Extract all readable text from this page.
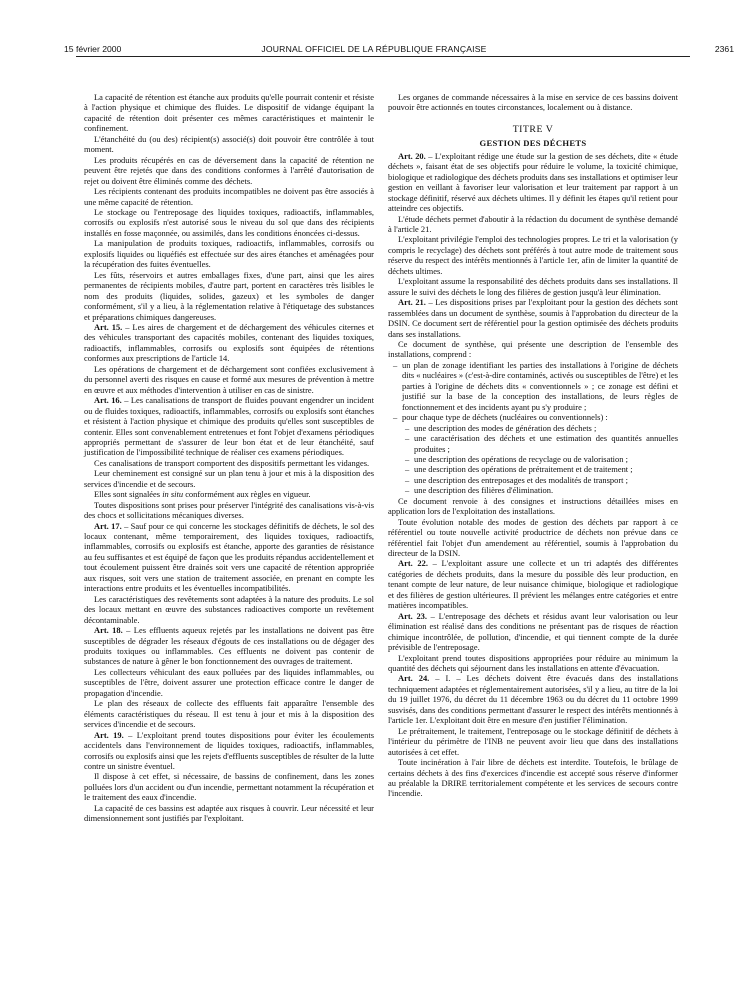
15 février 2000	JOURNAL OFFICIEL DE LA RÉPUBLIQUE FRANÇAISE	2361

La capacité de rétention est étanche aux produits qu'elle pourrait contenir et résiste à l'action physique et chimique des fluides. Le dispositif de vidange équipant la capacité de rétention doit présenter ces mêmes caractéristiques et maintenir le confinement.

L'étanchéité du (ou des) récipient(s) associé(s) doit pouvoir être contrôlée à tout moment.

Les produits récupérés en cas de déversement dans la capacité de rétention ne peuvent être rejetés que dans des conditions conformes à l'arrêté d'autorisation de rejet ou doivent être éliminés comme des déchets.

Les récipients contenant des produits incompatibles ne doivent pas être associés à une même capacité de rétention.

Le stockage ou l'entreposage des liquides toxiques, radioactifs, inflammables, corrosifs ou explosifs n'est autorisé sous le niveau du sol que dans des récipients installés en fosse maçonnée, ou assimilés, dans les conditions énoncées ci-dessus.

La manipulation de produits toxiques, radioactifs, inflammables, corrosifs ou explosifs liquides ou liquéfiés est effectuée sur des aires étanches et aménagées pour la récupération des fuites éventuelles.

Les fûts, réservoirs et autres emballages fixes, d'une part, ainsi que les aires permanentes de récipients mobiles, d'autre part, portent en caractères très lisibles le nom des produits (liquides, solides, gazeux) et les symboles de danger conformément, s'il y a lieu, à la réglementation relative à l'étiquetage des substances et préparations chimiques dangereuses.

Art. 15. – Les aires de chargement et de déchargement des véhicules citernes et des véhicules transportant des capacités mobiles, contenant des liquides toxiques, radioactifs, inflammables, corrosifs ou explosifs sont équipées de rétentions conformes aux prescriptions de l'article 14.

Les opérations de chargement et de déchargement sont confiées exclusivement à du personnel averti des risques en cause et formé aux mesures de prévention à mettre en œuvre et aux méthodes d'intervention à utiliser en cas de sinistre.

Art. 16. – Les canalisations de transport de fluides pouvant engendrer un incident ou de fluides toxiques, radioactifs, inflammables, corrosifs ou explosifs sont étanches et résistent à l'action physique et chimique des produits qu'elles sont susceptibles de contenir. Elles sont convenablement entretenues et font l'objet d'examens périodiques appropriés permettant de s'assurer de leur bon état et de leur étanchéité, sauf justification de l'impossibilité technique de réaliser ces examens périodiques.

Ces canalisations de transport comportent des dispositifs permettant les vidanges.

Leur cheminement est consigné sur un plan tenu à jour et mis à la disposition des services d'incendie et de secours.

Elles sont signalées in situ conformément aux règles en vigueur.

Toutes dispositions sont prises pour préserver l'intégrité des canalisations vis-à-vis des chocs et sollicitations mécaniques diverses.

Art. 17. – Sauf pour ce qui concerne les stockages définitifs de déchets, le sol des locaux contenant, même temporairement, des liquides toxiques, radioactifs, inflammables, corrosifs ou explosifs est étanche, apporte des garanties de résistance au feu suffisantes et est équipé de façon que les produits répandus accidentellement et tout écoulement puissent être drainés soit vers une capacité de rétention appropriée aux risques, soit vers une station de traitement associée, en prenant en compte les interactions entre produits et les éventuelles incompatibilités.

Les caractéristiques des revêtements sont adaptées à la nature des produits. Le sol des locaux mettant en œuvre des substances radioactives comporte un revêtement décontaminable.

Art. 18. – Les effluents aqueux rejetés par les installations ne doivent pas être susceptibles de dégrader les réseaux d'égouts de ces installations ou de dégager des produits toxiques ou inflammables. Ces effluents ne doivent pas contenir de substances de nature à gêner le bon fonctionnement des ouvrages de traitement.

Les collecteurs véhiculant des eaux polluées par des liquides inflammables, ou susceptibles de l'être, doivent assurer une protection efficace contre le danger de propagation d'incendie.

Le plan des réseaux de collecte des effluents fait apparaître l'ensemble des éléments caractéristiques du réseau. Il est tenu à jour et mis à la disposition des services d'incendie et de secours.

Art. 19. – L'exploitant prend toutes dispositions pour éviter les écoulements accidentels dans l'environnement de liquides toxiques, radioactifs, inflammables, corrosifs ou explosifs ainsi que les rejets d'effluents susceptibles de résulter de la lutte contre un sinistre éventuel.

Il dispose à cet effet, si nécessaire, de bassins de confinement, dans les zones polluées lors d'un accident ou d'un incendie, permettant notamment la récupération et le traitement des eaux d'incendie.

La capacité de ces bassins est adaptée aux risques à couvrir. Leur nécessité et leur dimensionnement sont justifiés par l'exploitant.

Les organes de commande nécessaires à la mise en service de ces bassins doivent pouvoir être actionnés en toutes circonstances, localement ou à distance.

TITRE V

GESTION DES DÉCHETS

Art. 20. – L'exploitant rédige une étude sur la gestion de ses déchets, dite « étude déchets », faisant état de ses objectifs pour réduire le volume, la toxicité chimique, biologique et radiologique des déchets produits dans ses installations et optimiser leur gestion en veillant à favoriser leur valorisation et leur traitement par rapport à un stockage définitif, réservé aux déchets ultimes. Il y définit les étapes qu'il retient pour atteindre ces objectifs.

L'étude déchets permet d'aboutir à la rédaction du document de synthèse demandé à l'article 21.

L'exploitant privilégie l'emploi des technologies propres. Le tri et la valorisation (y compris le recyclage) des déchets sont préférés à tout autre mode de traitement sous réserve du respect des intérêts mentionnés à l'article 1er, afin de limiter la quantité de déchets ultimes.

L'exploitant assume la responsabilité des déchets produits dans ses installations. Il assure le suivi des déchets le long des filières de gestion jusqu'à leur élimination.

Art. 21. – Les dispositions prises par l'exploitant pour la gestion des déchets sont rassemblées dans un document de synthèse, soumis à l'approbation du directeur de la DSIN. Ce document sert de référentiel pour la gestion optimisée des déchets produits dans ses installations.

Ce document de synthèse, qui présente une description de l'ensemble des installations, comprend :

– un plan de zonage identifiant les parties des installations à l'origine de déchets dits « nucléaires » (c'est-à-dire contaminés, activés ou susceptibles de l'être) et les parties à l'origine de déchets dits « conventionnels » ; ce zonage est défini et justifié sur la base de la conception des installations, de leurs règles de fonctionnement et des incidents ayant pu s'y produire ;

– pour chaque type de déchets (nucléaires ou conventionnels) :

– une description des modes de génération des déchets ;

– une caractérisation des déchets et une estimation des quantités annuelles produites ;

– une description des opérations de recyclage ou de valorisation ;

– une description des opérations de prétraitement et de traitement ;

– une description des entreposages et des modalités de transport ;

– une description des filières d'élimination.

Ce document renvoie à des consignes et instructions détaillées mises en application lors de l'exploitation des installations.

Toute évolution notable des modes de gestion des déchets par rapport à ce référentiel ou toute nouvelle activité productrice de déchets non prévue dans ce référentiel fait l'objet d'un amendement au référentiel, soumis à l'approbation du directeur de la DSIN.

Art. 22. – L'exploitant assure une collecte et un tri adaptés des différentes catégories de déchets produits, dans la mesure du possible dès leur production, en tenant compte de leur nature, de leur nuisance chimique, biologique et radiologique et des filières de gestion ultérieures. Il prévient les mélanges entre catégories et entre matières incompatibles.

Art. 23. – L'entreposage des déchets et résidus avant leur valorisation ou leur élimination est réalisé dans des conditions ne présentant pas de risques de réaction chimique incontrôlée, de pollution, d'incendie, et qui tiennent compte de la durée prévisible de l'entreposage.

L'exploitant prend toutes dispositions appropriées pour réduire au minimum la quantité des déchets qui séjournent dans les installations en attente d'évacuation.

Art. 24. – I. – Les déchets doivent être évacués dans des installations techniquement adaptées et réglementairement autorisées, s'il y a lieu, au titre de la loi du 19 juillet 1976, du décret du 11 décembre 1963 ou du décret du 11 octobre 1999 susvisés, dans des conditions permettant d'assurer le respect des intérêts mentionnés à l'article 1er. L'exploitant doit être en mesure d'en justifier l'élimination.

Le prétraitement, le traitement, l'entreposage ou le stockage définitif de déchets à l'intérieur du périmètre de l'INB ne peuvent avoir lieu que dans des installations autorisées à cet effet.

Toute incinération à l'air libre de déchets est interdite. Toutefois, le brûlage de certains déchets à des fins d'exercices d'incendie est accepté sous réserve d'informer au préalable la DRIRE territorialement compétente et les services de secours contre l'incendie.
